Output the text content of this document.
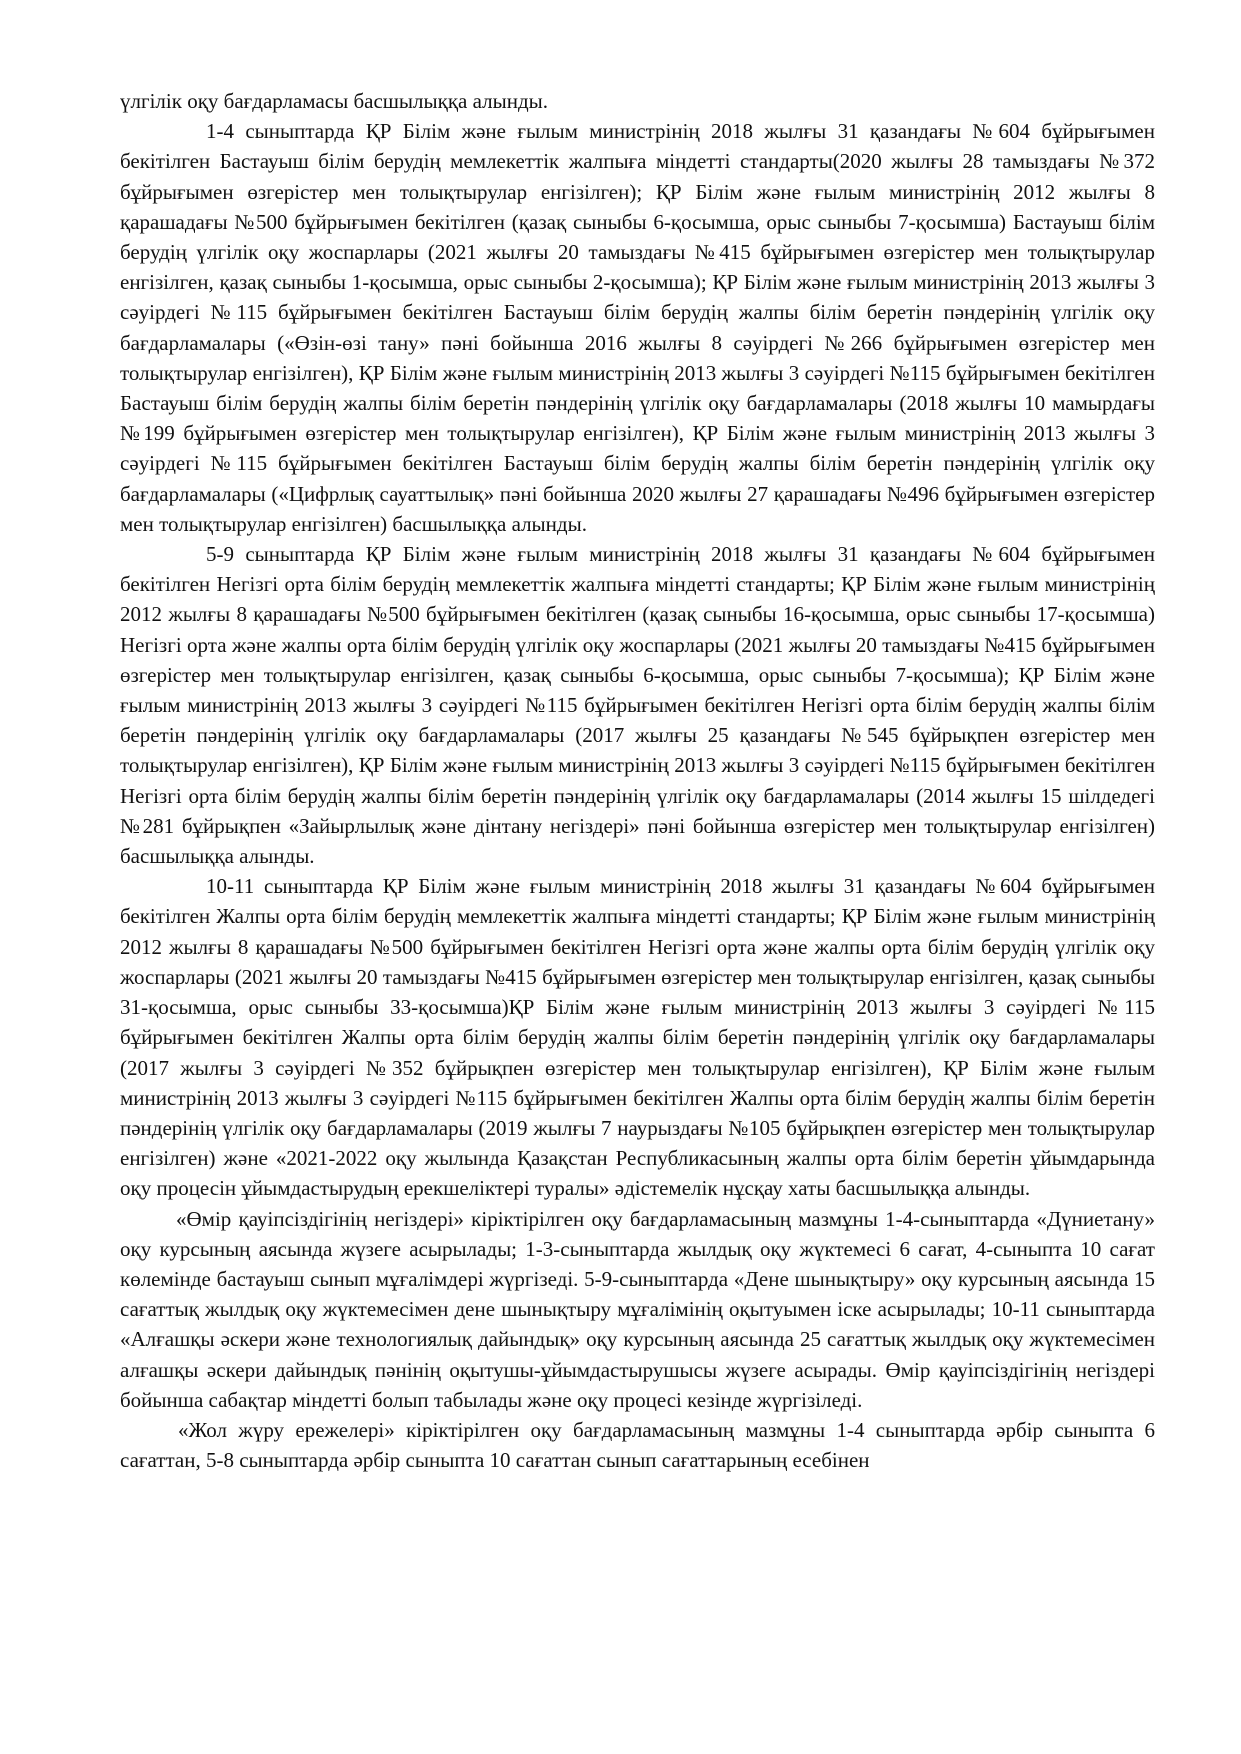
үлгілік оқу бағдарламасы басшылыққа алынды.

1-4 сыныптарда ҚР Білім және ғылым министрінің 2018 жылғы 31 қазандағы №604 бұйрығымен бекітілген Бастауыш білім берудің мемлекеттік жалпыға міндетті стандарты(2020 жылғы 28 тамыздағы №372 бұйрығымен өзгерістер мен толықтырулар енгізілген); ҚР Білім және ғылым министрінің 2012 жылғы 8 қарашадағы №500 бұйрығымен бекітілген (қазақ сыныбы 6-қосымша, орыс сыныбы 7-қосымша) Бастауыш білім берудің үлгілік оқу жоспарлары (2021 жылғы 20 тамыздағы №415 бұйрығымен өзгерістер мен толықтырулар енгізілген, қазақ сыныбы 1-қосымша, орыс сыныбы 2-қосымша); ҚР Білім және ғылым министрінің 2013 жылғы 3 сәуірдегі №115 бұйрығымен бекітілген Бастауыш білім берудің жалпы білім беретін пәндерінің үлгілік оқу бағдарламалары («Өзін-өзі тану» пәні бойынша 2016 жылғы 8 сәуірдегі №266 бұйрығымен өзгерістер мен толықтырулар енгізілген), ҚР Білім және ғылым министрінің 2013 жылғы 3 сәуірдегі №115 бұйрығымен бекітілген Бастауыш білім берудің жалпы білім беретін пәндерінің үлгілік оқу бағдарламалары (2018 жылғы 10 мамырдағы №199 бұйрығымен өзгерістер мен толықтырулар енгізілген), ҚР Білім және ғылым министрінің 2013 жылғы 3 сәуірдегі №115 бұйрығымен бекітілген Бастауыш білім берудің жалпы білім беретін пәндерінің үлгілік оқу бағдарламалары («Цифрлық сауаттылық» пәні бойынша 2020 жылғы 27 қарашадағы №496 бұйрығымен өзгерістер мен толықтырулар енгізілген) басшылыққа алынды.

5-9 сыныптарда ҚР Білім және ғылым министрінің 2018 жылғы 31 қазандағы №604 бұйрығымен бекітілген Негізгі орта білім берудің мемлекеттік жалпыға міндетті стандарты; ҚР Білім және ғылым министрінің 2012 жылғы 8 қарашадағы №500 бұйрығымен бекітілген (қазақ сыныбы 16-қосымша, орыс сыныбы 17-қосымша) Негізгі орта және жалпы орта білім берудің үлгілік оқу жоспарлары (2021 жылғы 20 тамыздағы №415 бұйрығымен өзгерістер мен толықтырулар енгізілген, қазақ сыныбы 6-қосымша, орыс сыныбы 7-қосымша); ҚР Білім және ғылым министрінің 2013 жылғы 3 сәуірдегі №115 бұйрығымен бекітілген Негізгі орта білім берудің жалпы білім беретін пәндерінің үлгілік оқу бағдарламалары (2017 жылғы 25 қазандағы №545 бұйрықпен өзгерістер мен толықтырулар енгізілген), ҚР Білім және ғылым министрінің 2013 жылғы 3 сәуірдегі №115 бұйрығымен бекітілген Негізгі орта білім берудің жалпы білім беретін пәндерінің үлгілік оқу бағдарламалары (2014 жылғы 15 шілдедегі №281 бұйрықпен «Зайырлылық және дінтану негіздері» пәні бойынша өзгерістер мен толықтырулар енгізілген) басшылыққа алынды.

10-11 сыныптарда ҚР Білім және ғылым министрінің 2018 жылғы 31 қазандағы №604 бұйрығымен бекітілген Жалпы орта білім берудің мемлекеттік жалпыға міндетті стандарты; ҚР Білім және ғылым министрінің 2012 жылғы 8 қарашадағы №500 бұйрығымен бекітілген Негізгі орта және жалпы орта білім берудің үлгілік оқу жоспарлары (2021 жылғы 20 тамыздағы №415 бұйрығымен өзгерістер мен толықтырулар енгізілген, қазақ сыныбы 31-қосымша, орыс сыныбы 33-қосымша)ҚР Білім және ғылым министрінің 2013 жылғы 3 сәуірдегі №115 бұйрығымен бекітілген Жалпы орта білім берудің жалпы білім беретін пәндерінің үлгілік оқу бағдарламалары (2017 жылғы 3 сәуірдегі №352 бұйрықпен өзгерістер мен толықтырулар енгізілген), ҚР Білім және ғылым министрінің 2013 жылғы 3 сәуірдегі №115 бұйрығымен бекітілген Жалпы орта білім берудің жалпы білім беретін пәндерінің үлгілік оқу бағдарламалары (2019 жылғы 7 наурыздағы №105 бұйрықпен өзгерістер мен толықтырулар енгізілген) және «2021-2022 оқу жылында Қазақстан Республикасының жалпы орта білім беретін ұйымдарында оқу процесін ұйымдастырудың ерекшеліктері туралы» әдістемелік нұсқау хаты басшылыққа алынды.

«Өмір қауіпсіздігінің негіздері» кіріктірілген оқу бағдарламасының мазмұны 1-4-сыныптарда «Дүниетану» оқу курсының аясында жүзеге асырылады; 1-3-сыныптарда жылдық оқу жүктемесі 6 сағат, 4-сыныпта 10 сағат көлемінде бастауыш сынып мұғалімдері жүргізеді. 5-9-сыныптарда «Дене шынықтыру» оқу курсының аясында 15 сағаттық жылдық оқу жүктемесімен дене шынықтыру мұғалімінің оқытуымен іске асырылады; 10-11 сыныптарда «Алғашқы әскери және технологиялық дайындық» оқу курсының аясында 25 сағаттық жылдық оқу жүктемесімен алғашқы әскери дайындық пәнінің оқытушы-ұйымдастырушысы жүзеге асырады. Өмір қауіпсіздігінің негіздері бойынша сабақтар міндетті болып табылады және оқу процесі кезінде жүргізіледі.

«Жол жүру ережелері» кіріктірілген оқу бағдарламасының мазмұны 1-4 сыныптарда әрбір сыныпта 6 сағаттан, 5-8 сыныптарда әрбір сыныпта 10 сағаттан сынып сағаттарының есебінен
